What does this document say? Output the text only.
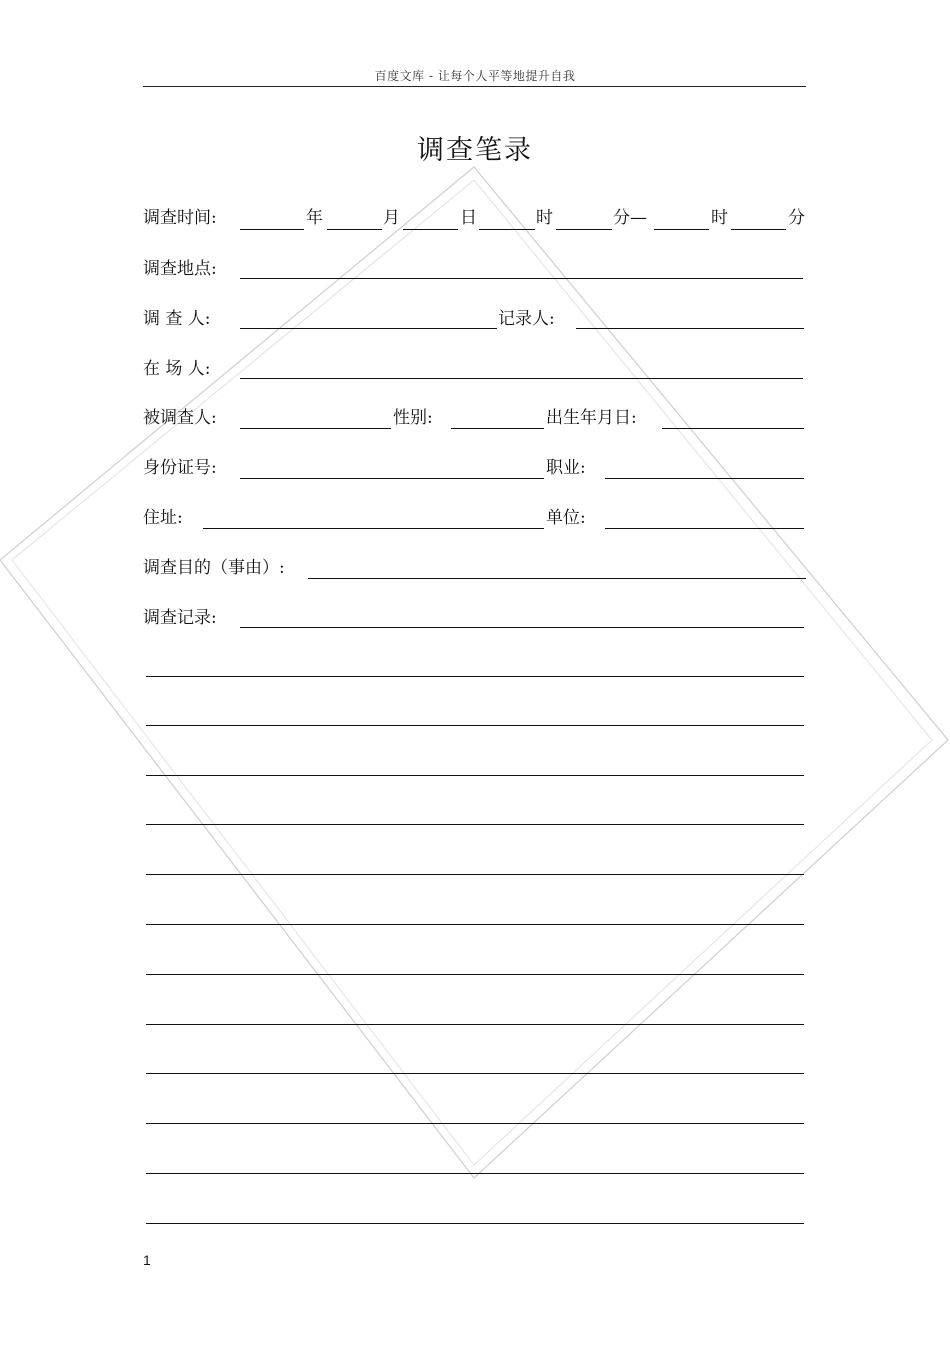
百度文库 - 让每个人平等地提升自我
调查笔录
调查时间:	年	月	日	时	分—	时	分
调查地点:
调 查 人:	记录人:
在 场 人:
被调查人:	性别:	出生年月日:
身份证号:	职业:
住址:	单位:
调查目的（事由）:
调查记录:
1
